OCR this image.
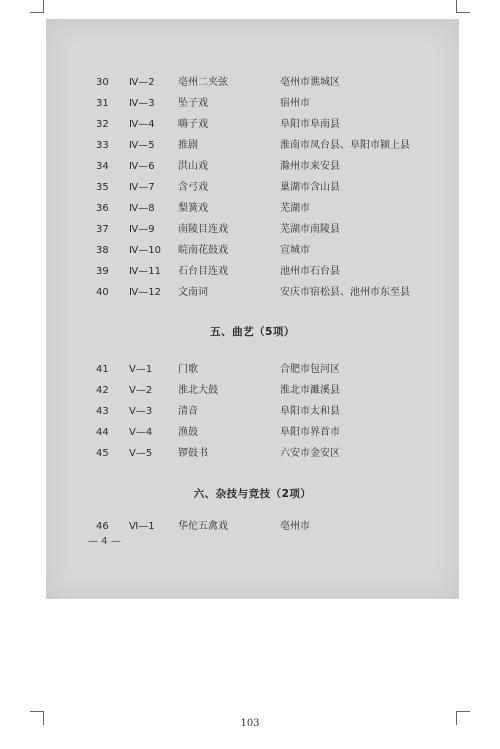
30 Ⅳ—2 亳州二夹弦	亳州市谯城区
31 Ⅳ—3 坠子戏	宿州市
32 Ⅳ—4 嗨子戏	阜阳市阜南县
33 Ⅳ—5 推剧	淮南市凤台县、阜阳市颍上县
34 Ⅳ—6 洪山戏	滁州市来安县
35 Ⅳ—7 含弓戏	巢湖市含山县
36 Ⅳ—8 梨簧戏	芜湖市
37 Ⅳ—9 南陵目连戏	芜湖市南陵县
38 Ⅳ—10 皖南花鼓戏	宣城市
39 Ⅳ—11 石台目连戏	池州市石台县
40 Ⅳ—12 文南词	安庆市宿松县、池州市东至县
五、曲艺（5项）
41 Ⅴ—1	门歌	合肥市包河区
42 Ⅴ—2	淮北大鼓	淮北市濉溪县
43 Ⅴ—3	清音	阜阳市太和县
44 Ⅴ—4	渔鼓	阜阳市界首市
45 Ⅴ—5	锣鼓书	六安市金安区
六、杂技与竞技（2项）
46 Ⅵ—1 华佗五禽戏	亳州市
— 4 —
103
